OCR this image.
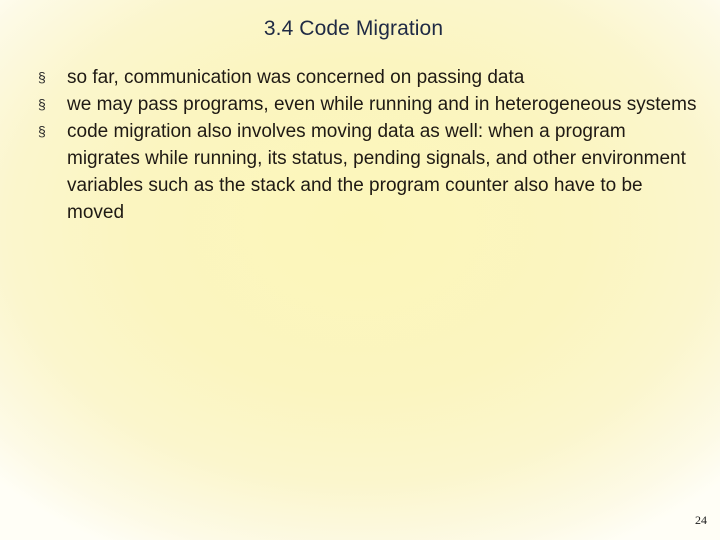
3.4 Code Migration
§ so far, communication was concerned on passing data
§ we may pass programs, even while running and in heterogeneous systems
§ code migration also involves moving data as well: when a program migrates while running, its status, pending signals, and other environment variables such as the stack and the program counter also have to be moved
24
